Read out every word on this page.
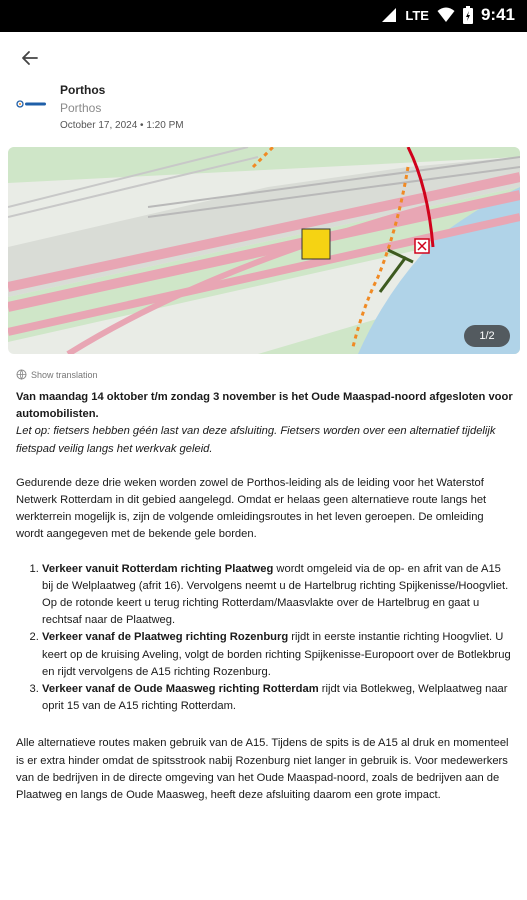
LTE	9:41
Porthos
Porthos
October 17, 2024 • 1:20 PM
1/2
Show translation

Van maandag 14 oktober t/m zondag 3 november is het Oude Maaspad-noord afgesloten voor automobilisten.

Let op: fietsers hebben géén last van deze afsluiting. Fietsers worden over een alternatief tijdelijk fietspad veilig langs het werkvak geleid.

Gedurende deze drie weken worden zowel de Porthos-leiding als de leiding voor het Waterstof Netwerk Rotterdam in dit gebied aangelegd. Omdat er helaas geen alternatieve route langs het werkterrein mogelijk is, zijn de volgende omleidingsroutes in het leven geroepen. De omleiding wordt aangegeven met de bekende gele borden.

1. Verkeer vanuit Rotterdam richting Plaatweg wordt omgeleid via de op- en afrit van de A15 bij de Welplaatweg (afrit 16). Vervolgens neemt u de Hartelbrug richting Spijkenisse/Hoogvliet. Op de rotonde keert u terug richting Rotterdam/Maasvlakte over de Hartelbrug en gaat u rechtsaf naar de Plaatweg.
2. Verkeer vanaf de Plaatweg richting Rozenburg rijdt in eerste instantie richting Hoogvliet. U keert op de kruising Aveling, volgt de borden richting Spijkenisse-Europoort over de Botlekbrug en rijdt vervolgens de A15 richting Rozenburg.
3. Verkeer vanaf de Oude Maasweg richting Rotterdam rijdt via Botlekweg, Welplaatweg naar oprit 15 van de A15 richting Rotterdam.

Alle alternatieve routes maken gebruik van de A15. Tijdens de spits is de A15 al druk en momenteel is er extra hinder omdat de spitsstrook nabij Rozenburg niet langer in gebruik is. Voor medewerkers van de bedrijven in de directe omgeving van het Oude Maaspad-noord, zoals de bedrijven aan de Plaatweg en langs de Oude Maasweg, heeft deze afsluiting daarom een grote impact.
